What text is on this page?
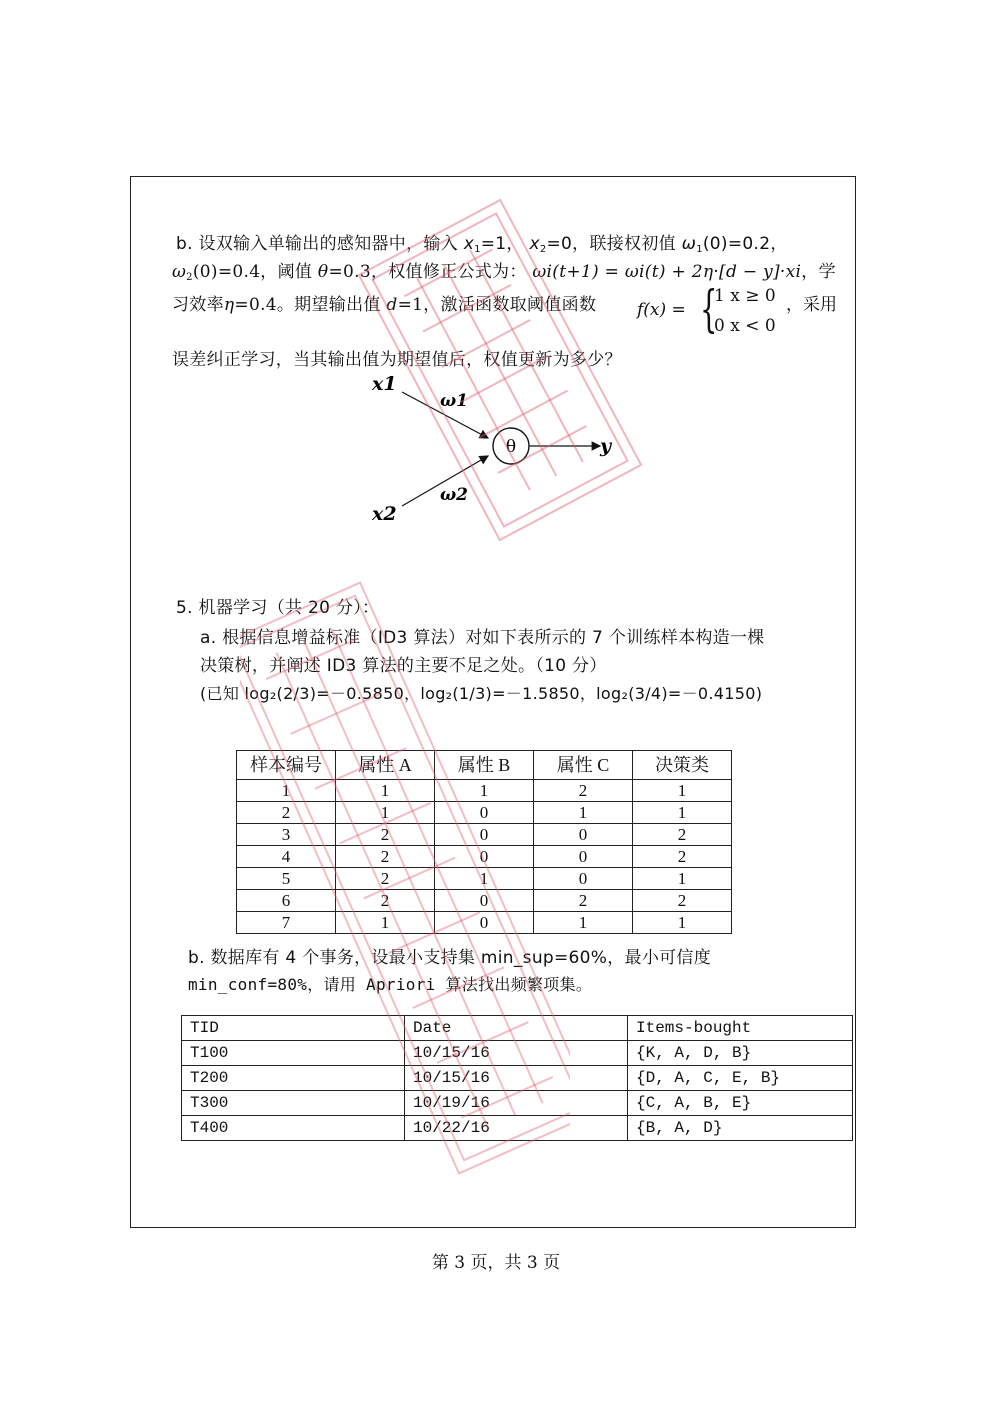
b. 设双输入单输出的感知器中，输入 $x_1=1$， $x_2=0$，联接权初值 $\omega_1(0)=0.2$，
$\omega_2(0)=0.4$，阈值 θ=0.3，权值修正公式为： ωi(t+1) = ωi(t) + 2η·[d − y]·xi，学
习效率η=0.4。期望输出值 d=1，激活函数取阈值函数 f(x) = {
1 x ≥ 0
0 x < 0
，采用
误差纠正学习，当其输出值为期望值后，权值更新为多少？
x1
x2
ω1
ω2
θ	y
5. 机器学习（共 20 分）：
a. 根据信息增益标准（ID3 算法）对如下表所示的 7 个训练样本构造一棵
决策树，并阐述 ID3 算法的主要不足之处。（10 分）
(已知 log₂(2/3)=－0.5850，log₂(1/3)=－1.5850，log₂(3/4)=－0.4150)
样本编号	属性 A	属性 B	属性 C	决策类
1	1	1	2	1
2	1	0	1	1
3	2	0	0	2
4	2	0	0	2
5	2	1	0	1
6	2	0	2	2
7	1	0	1	1
b. 数据库有 4 个事务，设最小支持集 min_sup=60%，最小可信度
min_conf=80%，请用 Apriori 算法找出频繁项集。
TID	Date	Items-bought
T100	10/15/16	{K, A, D, B}
T200	10/15/16	{D, A, C, E, B}
T300	10/19/16	{C, A, B, E}
T400	10/22/16	{B, A, D}
第 3 页，共 3 页
